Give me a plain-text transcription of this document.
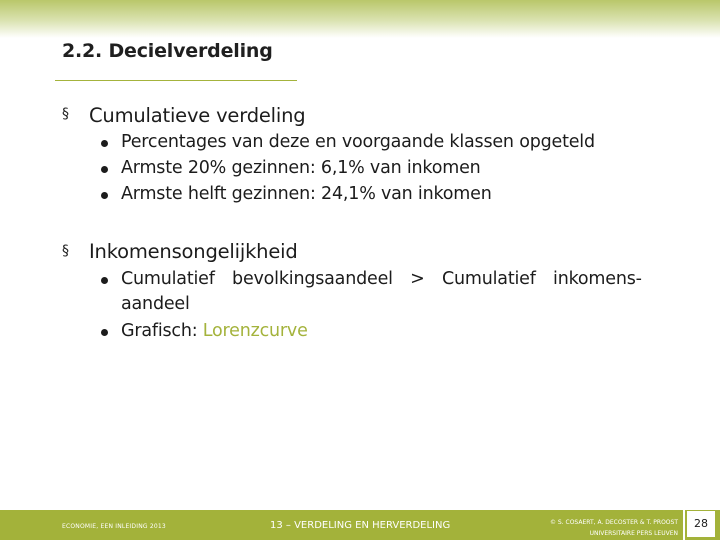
2.2. Decielverdeling
§ Cumulatieve verdeling
Percentages van deze en voorgaande klassen opgeteld
Armste 20% gezinnen: 6,1% van inkomen
Armste helft gezinnen: 24,1% van inkomen
§ Inkomensongelijkheid
Cumulatief bevolkingsaandeel > Cumulatief inkomens-
aandeel
Grafisch: Lorenzcurve
ECONOMIE, EEN INLEIDING 2013	13 – VERDELING EN HERVERDELING	© S. COSAERT, A. DECOSTER & T. PROOST
UNIVERSITAIRE PERS LEUVEN
28
